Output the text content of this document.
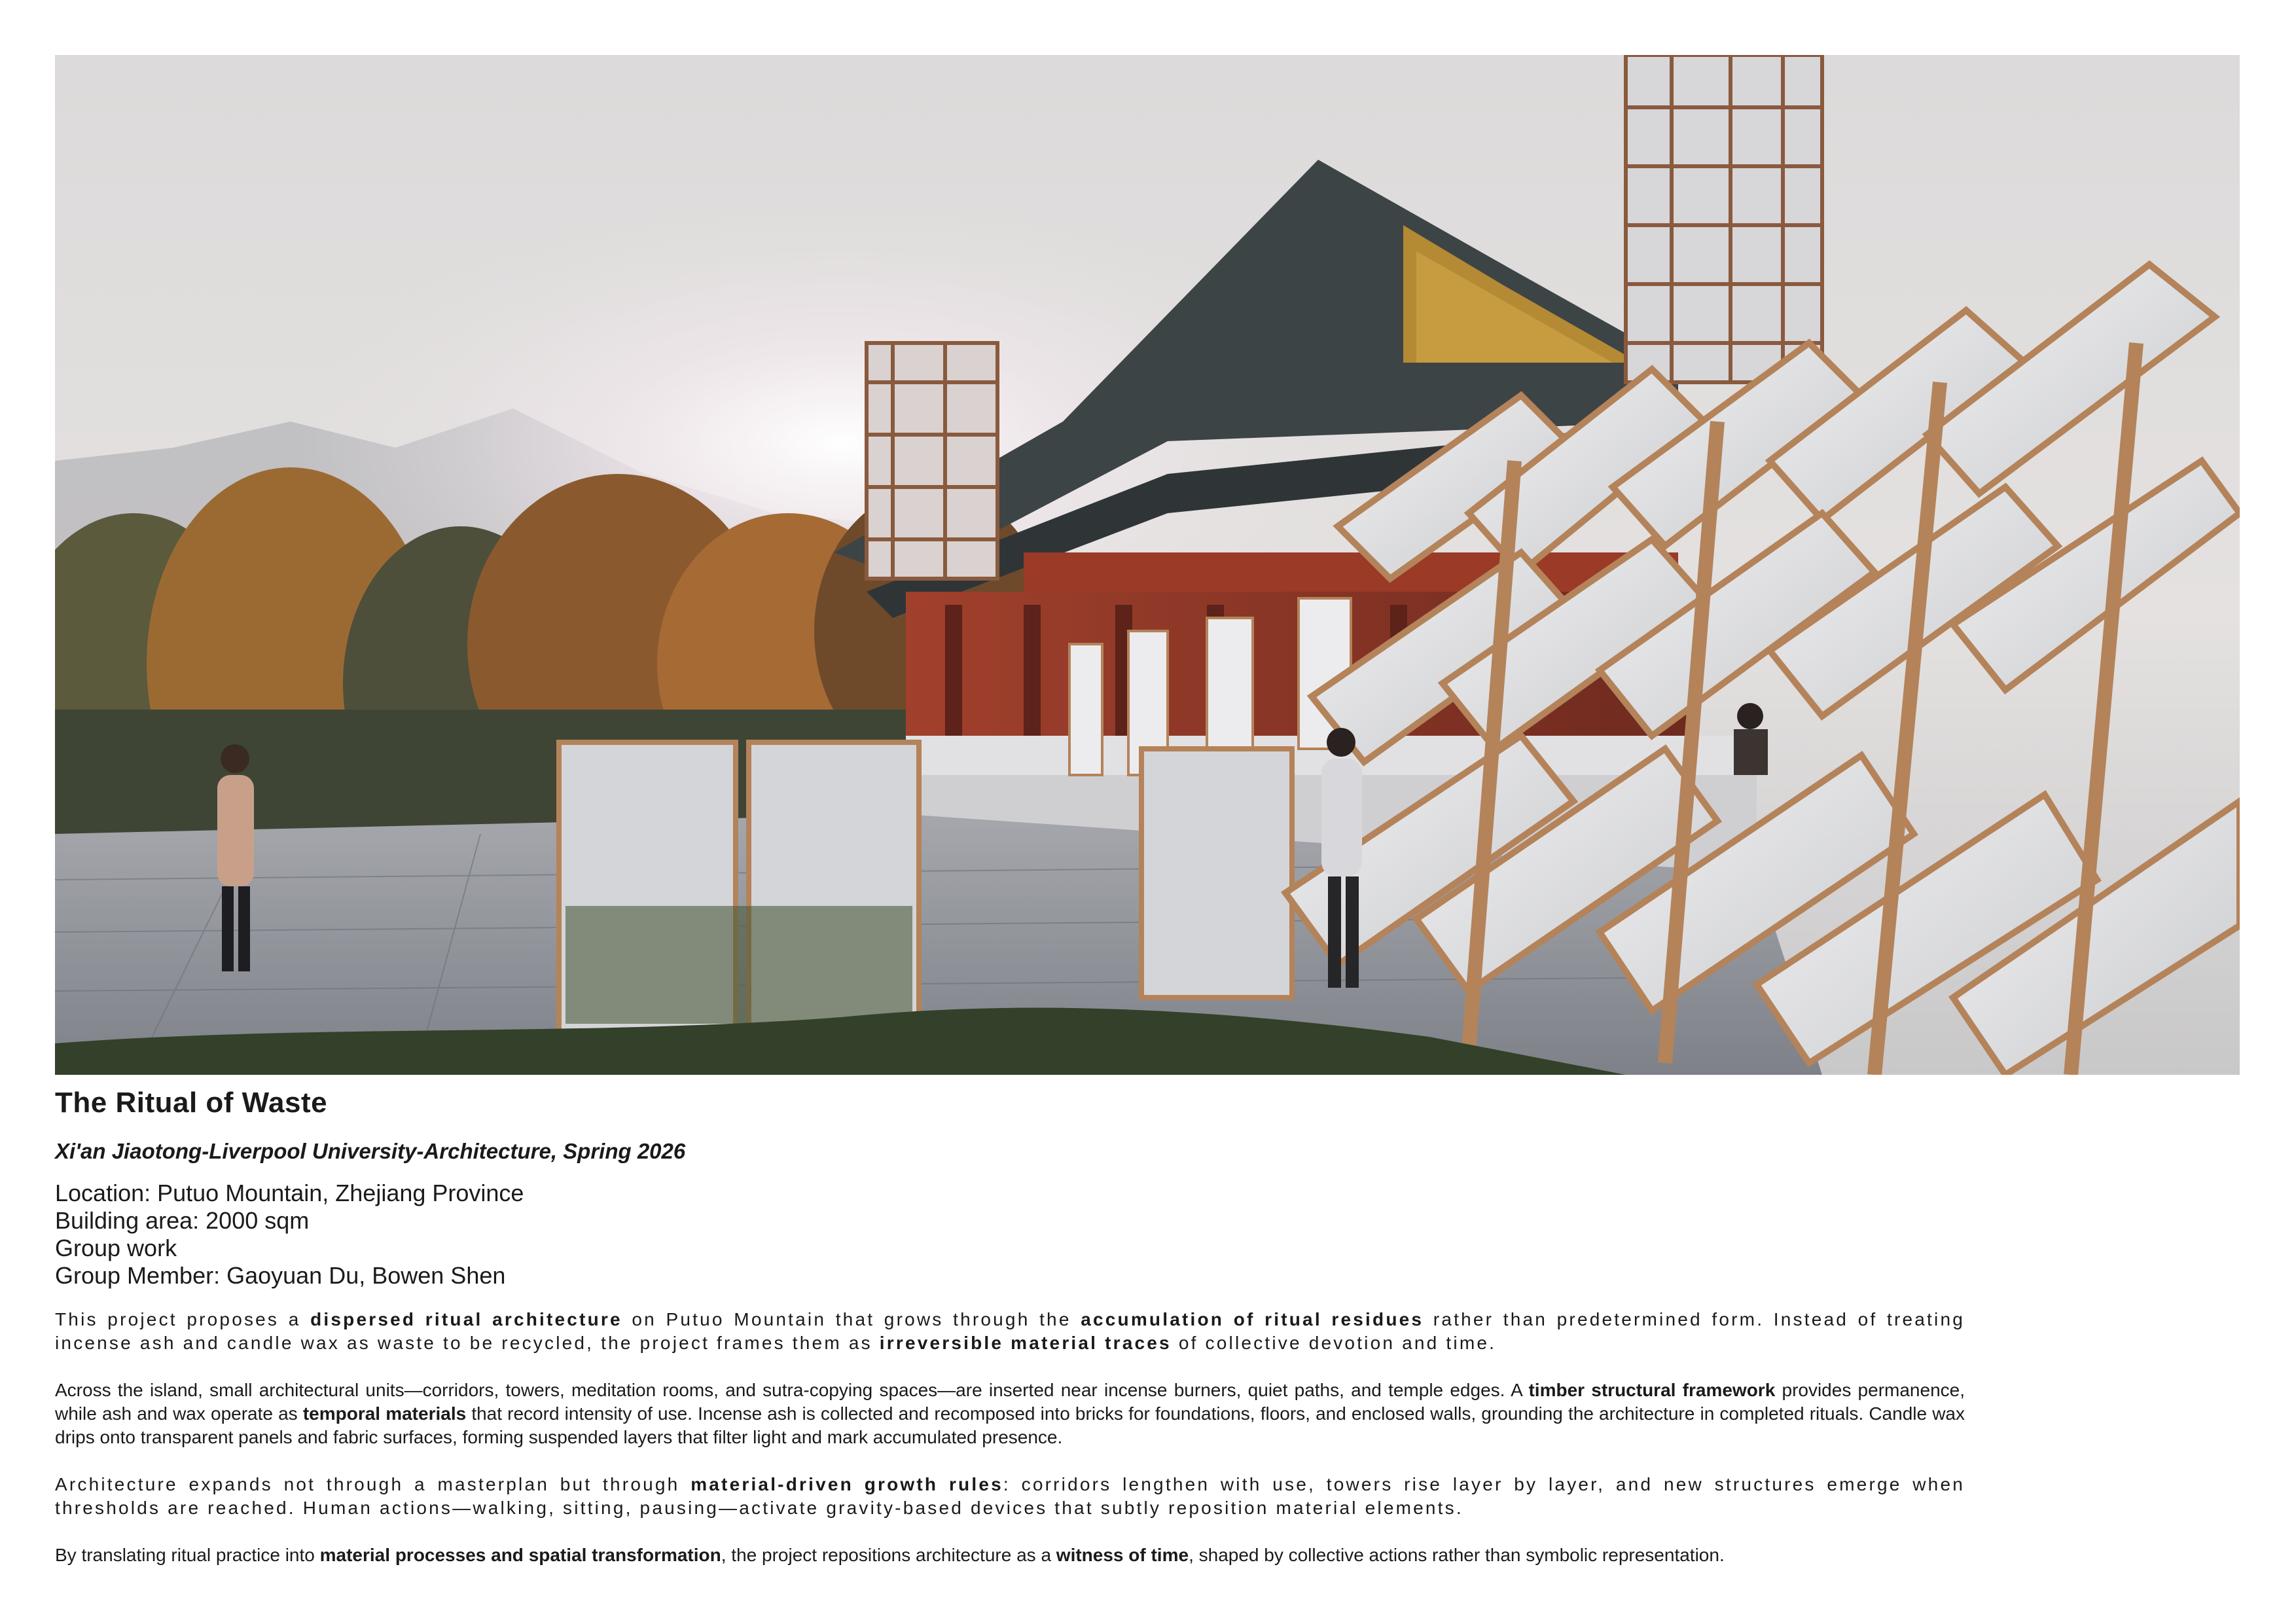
The Ritual of Waste
Xi'an Jiaotong-Liverpool University-Architecture, Spring 2026

Location: Putuo Mountain, Zhejiang Province

Building area: 2000 sqm

Group work

Group Member: Gaoyuan Du, Bowen Shen

This project proposes a dispersed ritual architecture on Putuo Mountain that grows through the accumulation of ritual residues rather than predetermined form. Instead of treating incense ash and candle wax as waste to be recycled, the project frames them as irreversible material traces of collective devotion and time.

Across the island, small architectural units—corridors, towers, meditation rooms, and sutra-copying spaces—are inserted near incense burners, quiet paths, and temple edges. A timber structural framework provides permanence, while ash and wax operate as temporal materials that record intensity of use. Incense ash is collected and recomposed into bricks for foundations, floors, and enclosed walls, grounding the architecture in completed rituals. Candle wax drips onto transparent panels and fabric surfaces, forming suspended layers that filter light and mark accumulated presence.

Architecture expands not through a masterplan but through material-driven growth rules: corridors lengthen with use, towers rise layer by layer, and new structures emerge when thresholds are reached. Human actions—walking, sitting, pausing—activate gravity-based devices that subtly reposition material elements.

By translating ritual practice into material processes and spatial transformation, the project repositions architecture as a witness of time, shaped by collective actions rather than symbolic representation.
